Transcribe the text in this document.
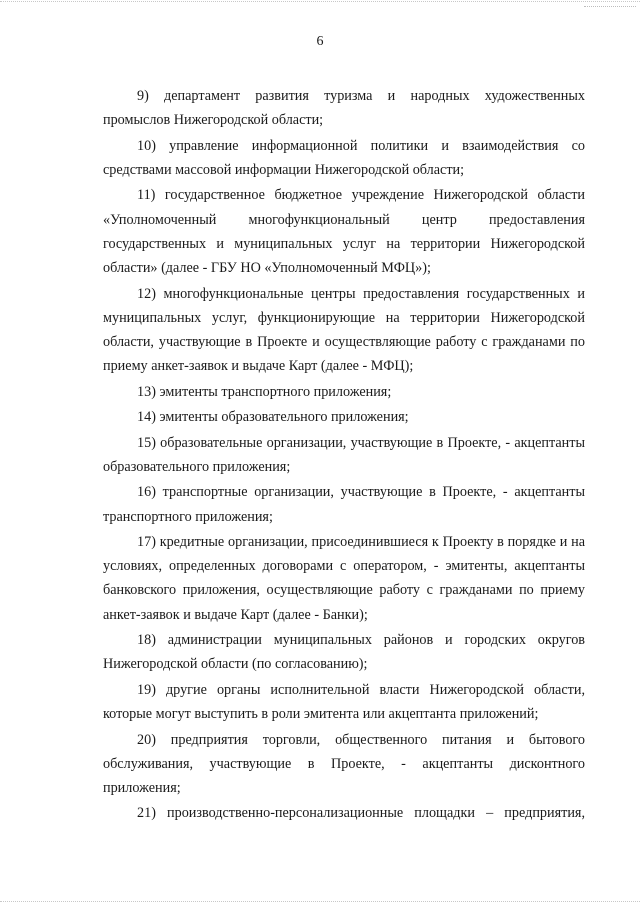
6

9) департамент развития туризма и народных художественных промыслов Нижегородской области;

10) управление информационной политики и взаимодействия со средствами массовой информации Нижегородской области;

11) государственное бюджетное учреждение Нижегородской области «Уполномоченный многофункциональный центр предоставления государственных и муниципальных услуг на территории Нижегородской области» (далее - ГБУ НО «Уполномоченный МФЦ»);

12) многофункциональные центры предоставления государственных и муниципальных услуг, функционирующие на территории Нижегородской области, участвующие в Проекте и осуществляющие работу с гражданами по приему анкет-заявок и выдаче Карт (далее - МФЦ);

13) эмитенты транспортного приложения;

14) эмитенты образовательного приложения;

15) образовательные организации, участвующие в Проекте, - акцептанты образовательного приложения;

16) транспортные организации, участвующие в Проекте, - акцептанты транспортного приложения;

17) кредитные организации, присоединившиеся к Проекту в порядке и на условиях, определенных договорами с оператором, - эмитенты, акцептанты банковского приложения, осуществляющие работу с гражданами по приему анкет-заявок и выдаче Карт (далее - Банки);

18) администрации муниципальных районов и городских округов Нижегородской области (по согласованию);

19) другие органы исполнительной власти Нижегородской области, которые могут выступить в роли эмитента или акцептанта приложений;

20) предприятия торговли, общественного питания и бытового обслуживания, участвующие в Проекте, - акцептанты дисконтного приложения;

21) производственно-персонализационные площадки – предприятия,
